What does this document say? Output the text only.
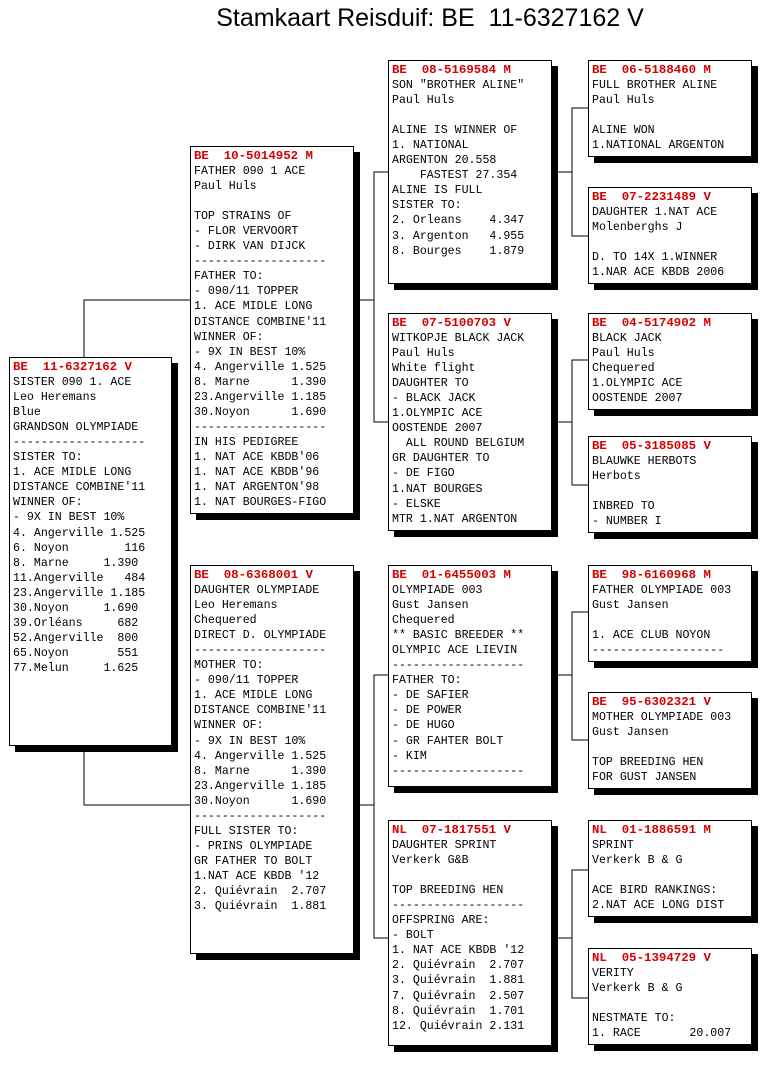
Stamkaart Reisduif: BE  11-6327162 V
BE  11-6327162 V
SISTER 090 1. ACE
Leo Heremans
Blue
GRANDSON OLYMPIADE
-------------------
SISTER TO:
1. ACE MIDLE LONG
DISTANCE COMBINE'11
WINNER OF:
- 9X IN BEST 10%
4. Angerville 1.525
6. Noyon        116
8. Marne     1.390
11.Angerville   484
23.Angerville 1.185
30.Noyon     1.690
39.Orléans     682
52.Angerville  800
65.Noyon       551
77.Melun     1.625
BE  10-5014952 M
FATHER 090 1 ACE
Paul Huls
TOP STRAINS OF
- FLOR VERVOORT
- DIRK VAN DIJCK
-------------------
FATHER TO:
- 090/11 TOPPER
1. ACE MIDLE LONG
DISTANCE COMBINE'11
WINNER OF:
- 9X IN BEST 10%
4. Angerville 1.525
8. Marne      1.390
23.Angerville 1.185
30.Noyon      1.690
-------------------
IN HIS PEDIGREE
1. NAT ACE KBDB'06
1. NAT ACE KBDB'96
1. NAT ARGENTON'98
1. NAT BOURGES-FIGO
BE  08-6368001 V
DAUGHTER OLYMPIADE
Leo Heremans
Chequered
DIRECT D. OLYMPIADE
-------------------
MOTHER TO:
- 090/11 TOPPER
1. ACE MIDLE LONG
DISTANCE COMBINE'11
WINNER OF:
- 9X IN BEST 10%
4. Angerville 1.525
8. Marne      1.390
23.Angerville 1.185
30.Noyon      1.690
-------------------
FULL SISTER TO:
- PRINS OLYMPIADE
GR FATHER TO BOLT
1.NAT ACE KBDB '12
2. Quiévrain  2.707
3. Quiévrain  1.881
BE  08-5169584 M
SON "BROTHER ALINE"
Paul Huls
ALINE IS WINNER OF
1. NATIONAL
ARGENTON 20.558
FASTEST 27.354
ALINE IS FULL
SISTER TO:
2. Orleans    4.347
3. Argenton   4.955
8. Bourges    1.879
BE  07-5100703 V
WITKOPJE BLACK JACK
Paul Huls
White flight
DAUGHTER TO
- BLACK JACK
1.OLYMPIC ACE
OOSTENDE 2007
ALL ROUND BELGIUM
GR DAUGHTER TO
- DE FIGO
1.NAT BOURGES
- ELSKE
MTR 1.NAT ARGENTON
BE  01-6455003 M
OLYMPIADE 003
Gust Jansen
Chequered
** BASIC BREEDER **
OLYMPIC ACE LIEVIN
-------------------
FATHER TO:
- DE SAFIER
- DE POWER
- DE HUGO
- GR FAHTER BOLT
- KIM
-------------------
NL  07-1817551 V
DAUGHTER SPRINT
Verkerk G&B
TOP BREEDING HEN
-------------------
OFFSPRING ARE:
- BOLT
1. NAT ACE KBDB '12
2. Quiévrain  2.707
3. Quiévrain  1.881
7. Quiévrain  2.507
8. Quiévrain  1.701
12. Quiévrain 2.131
BE  06-5188460 M
FULL BROTHER ALINE
Paul Huls
ALINE WON
1.NATIONAL ARGENTON
BE  07-2231489 V
DAUGHTER 1.NAT ACE
Molenberghs J
D. TO 14X 1.WINNER
1.NAR ACE KBDB 2006
BE  04-5174902 M
BLACK JACK
Paul Huls
Chequered
1.OLYMPIC ACE
OOSTENDE 2007
BE  05-3185085 V
BLAUWKE HERBOTS
Herbots
INBRED TO
- NUMBER I
BE  98-6160968 M
FATHER OLYMPIADE 003
Gust Jansen
1. ACE CLUB NOYON
-------------------
BE  95-6302321 V
MOTHER OLYMPIADE 003
Gust Jansen
TOP BREEDING HEN
FOR GUST JANSEN
NL  01-1886591 M
SPRINT
Verkerk B & G
ACE BIRD RANKINGS:
2.NAT ACE LONG DIST
NL  05-1394729 V
VERITY
Verkerk B & G
NESTMATE TO:
1. RACE       20.007
